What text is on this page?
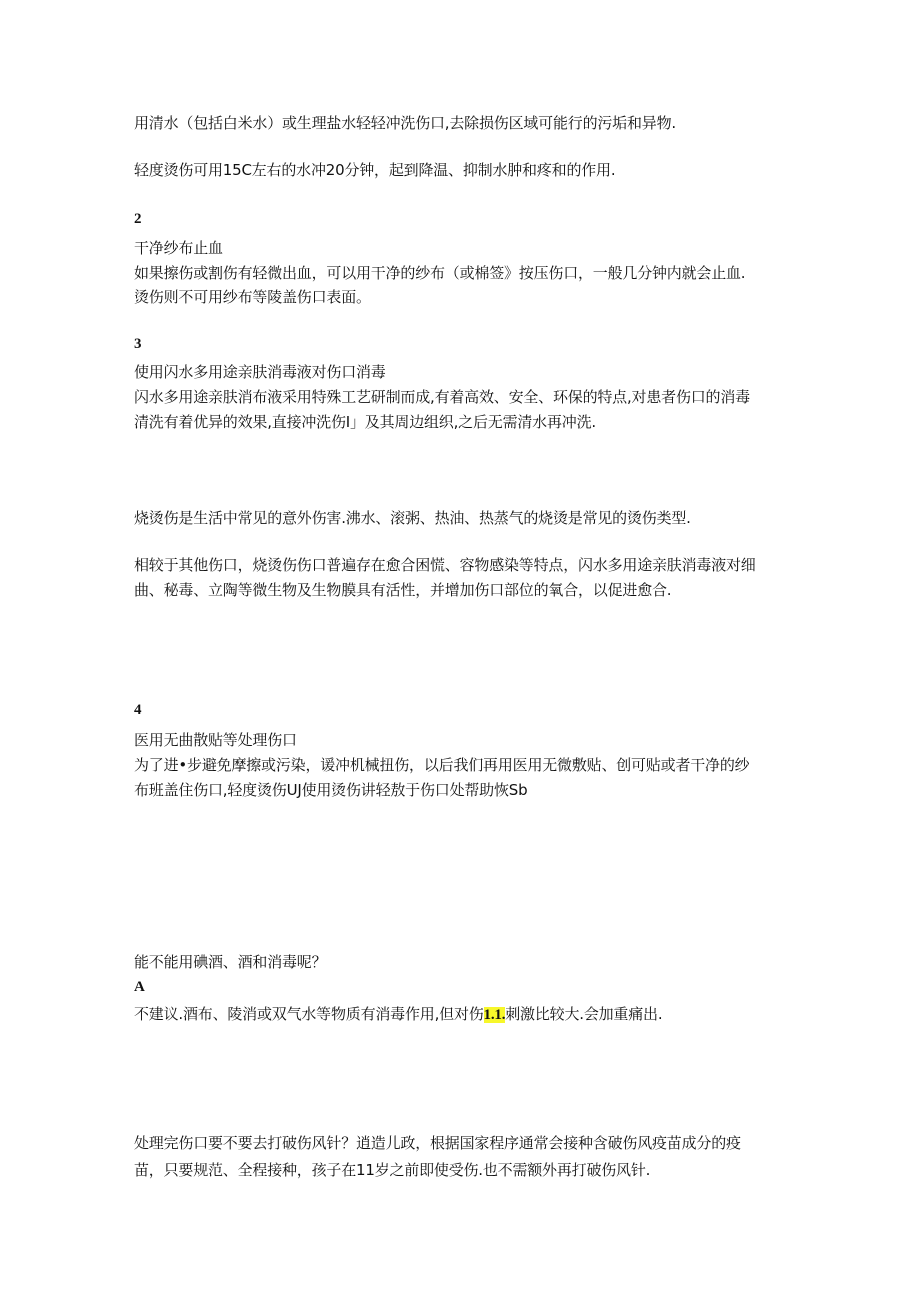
用清水（包括白米水）或生理盐水轻轻冲洗伤口,去除损伤区域可能行的污垢和异物.
轻度烫伤可用15C左右的水冲20分钟，起到降温、抑制水肿和疼和的作用.
2
干净纱布止血
如果擦伤或割伤有轻微出血，可以用干净的纱布（或棉签》按压伤口，一般几分钟内就会止血.
烫伤则不可用纱布等陵盖伤口表面。
3
使用闪水多用途亲肤消毒液对伤口消毒
闪水多用途亲肤消布液采用特殊工艺研制而成,有着高效、安全、环保的特点,对患者伤口的消毒
清洗有着优异的效果,直接冲洗伤I」及其周边组织,之后无需清水再冲洗.
烧烫伤是生活中常见的意外伤害.沸水、滚粥、热油、热蒸气的烧烫是常见的烫伤类型.
相较于其他伤口，烧烫伤伤口普遍存在愈合困慌、容物感染等特点，闪水多用途亲肤消毒液对细
曲、秘毒、立陶等微生物及生物膜具有活性，并增加伤口部位的氧合，以促进愈合.
4
医用无曲散贴等处理伤口
为了进•步避免摩擦或污染，谖冲机械扭伤，以后我们再用医用无微敷贴、创可贴或者干净的纱
布班盖住伤口,轻度烫伤UJ使用烫伤讲轻敖于伤口处帮助恢Sb
能不能用碘酒、酒和消毒呢？
A
不建议.酒布、陵消或双气水等物质有消毒作用,但对伤1.1.刺激比较大.会加重痛出.
处理完伤口要不要去打破伤风针？逍造儿政，根据国家程序通常会接种含破伤风疫苗成分的疫
苗，只要规范、全程接种，孩子在11岁之前即使受伤.也不需额外再打破伤风针.
